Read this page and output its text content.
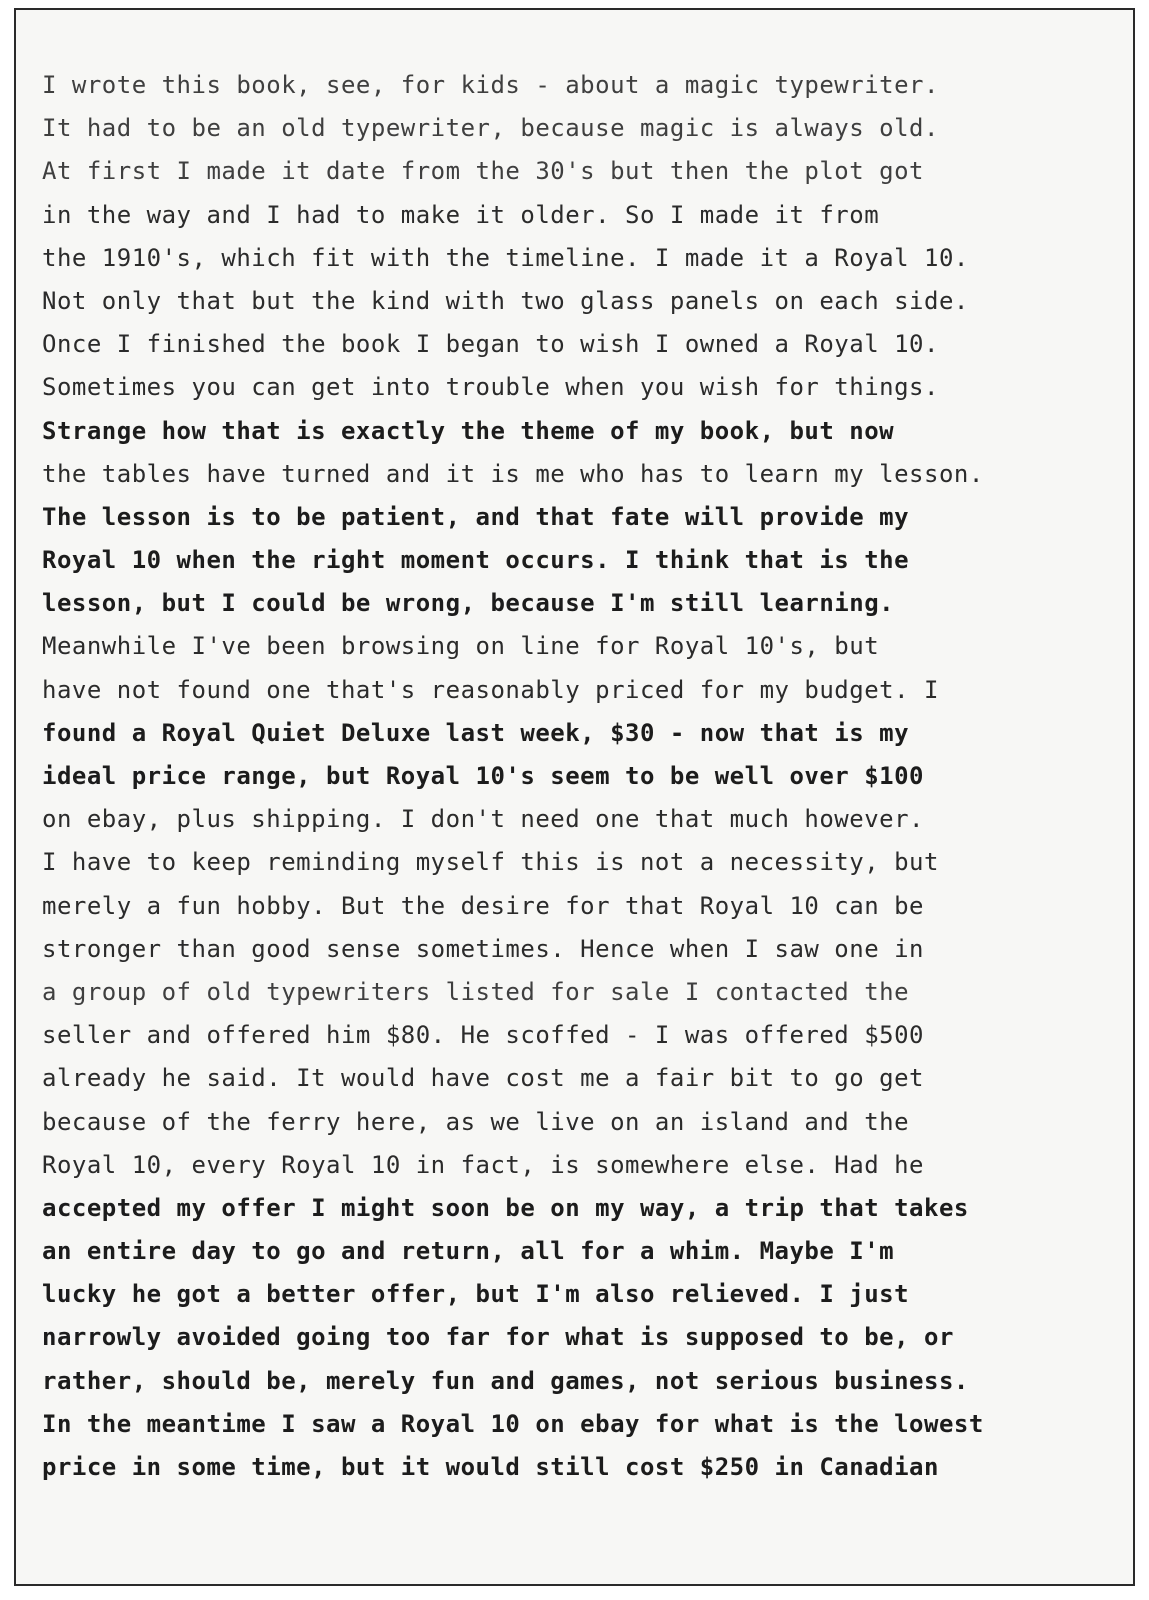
I wrote this book, see, for kids - about a magic typewriter.
It had to be an old typewriter, because magic is always old.
At first I made it date from the 30's but then the plot got
in the way and I had to make it older. So I made it from
the 1910's, which fit with the timeline. I made it a Royal 10.
Not only that but the kind with two glass panels on each side.
Once I finished the book I began to wish I owned a Royal 10.
Sometimes you can get into trouble when you wish for things.
Strange how that is exactly the theme of my book, but now
the tables have turned and it is me who has to learn my lesson.
The lesson is to be patient, and that fate will provide my
Royal 10 when the right moment occurs. I think that is the
lesson, but I could be wrong, because I'm still learning.
Meanwhile I've been browsing on line for Royal 10's, but
have not found one that's reasonably priced for my budget. I
found a Royal Quiet Deluxe last week, $30 - now that is my
ideal price range, but Royal 10's seem to be well over $100
on ebay, plus shipping. I don't need one that much however.
I have to keep reminding myself this is not a necessity, but
merely a fun hobby. But the desire for that Royal 10 can be
stronger than good sense sometimes. Hence when I saw one in
a group of old typewriters listed for sale I contacted the
seller and offered him $80. He scoffed - I was offered $500
already he said. It would have cost me a fair bit to go get
because of the ferry here, as we live on an island and the
Royal 10, every Royal 10 in fact, is somewhere else. Had he
accepted my offer I might soon be on my way, a trip that takes
an entire day to go and return, all for a whim. Maybe I'm
lucky he got a better offer, but I'm also relieved. I just
narrowly avoided going too far for what is supposed to be, or
rather, should be, merely fun and games, not serious business.
In the meantime I saw a Royal 10 on ebay for what is the lowest
price in some time, but it would still cost $250 in Canadian
